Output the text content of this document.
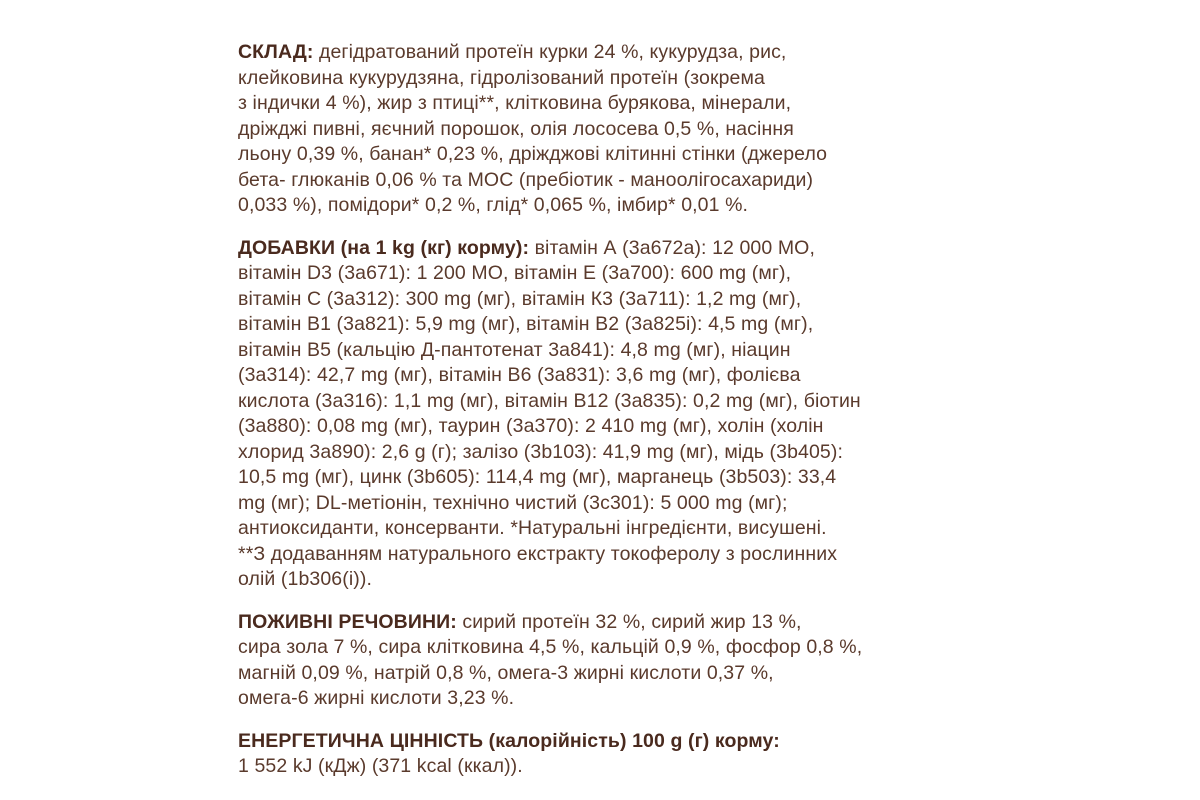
СКЛАД: дегідратований протеїн курки 24 %, кукурудза, рис,
клейковина кукурудзяна, гідролізований протеїн (зокрема
з індички 4 %), жир з птиці**, клітковина бурякова, мінерали,
дріжджі пивні, яєчний порошок, олія лососева 0,5 %, насіння
льону 0,39 %, банан* 0,23 %, дріжджові клітинні стінки (джерело
бета- глюканів 0,06 % та МОС (пребіотик - маноолігосахариди)
0,033 %), помідори* 0,2 %, глід* 0,065 %, імбир* 0,01 %.
ДОБАВКИ (на 1 kg (кг) корму): вітамін А (3a672a): 12 000 МО,
вітамін D3 (3a671): 1 200 МО, вітамін Е (3a700): 600 mg (мг),
вітамін С (3a312): 300 mg (мг), вітамін К3 (3a711): 1,2 mg (мг),
вітамін В1 (3a821): 5,9 mg (мг), вітамін В2 (3a825i): 4,5 mg (мг),
вітамін В5 (кальцію Д-пантотенат 3a841): 4,8 mg (мг), ніацин
(3a314): 42,7 mg (мг), вітамін В6 (3a831): 3,6 mg (мг), фолієва
кислота (3a316): 1,1 mg (мг), вітамін В12 (3a835): 0,2 mg (мг), біотин
(3a880): 0,08 mg (мг), таурин (3a370): 2 410 mg (мг), холін (холін
хлорид 3a890): 2,6 g (г); залізо (3b103): 41,9 mg (мг), мідь (3b405):
10,5 mg (мг), цинк (3b605): 114,4 mg (мг), марганець (3b503): 33,4
mg (мг); DL-метіонін, технічно чистий (3c301): 5 000 mg (мг);
антиоксиданти, консерванти. *Натуральні інгредієнти, висушені.
**З додаванням натурального екстракту токоферолу з рослинних
олій (1b306(i)).
ПОЖИВНІ РЕЧОВИНИ: сирий протеїн 32 %, сирий жир 13 %,
сира зола 7 %, сира клітковина 4,5 %, кальцій 0,9 %, фосфор 0,8 %,
магній 0,09 %, натрій 0,8 %, омега-3 жирні кислоти 0,37 %,
омега-6 жирні кислоти 3,23 %.
ЕНЕРГЕТИЧНА ЦІННІСТЬ (калорійність) 100 g (г) корму:
1 552 kJ (кДж) (371 kcal (ккал)).
